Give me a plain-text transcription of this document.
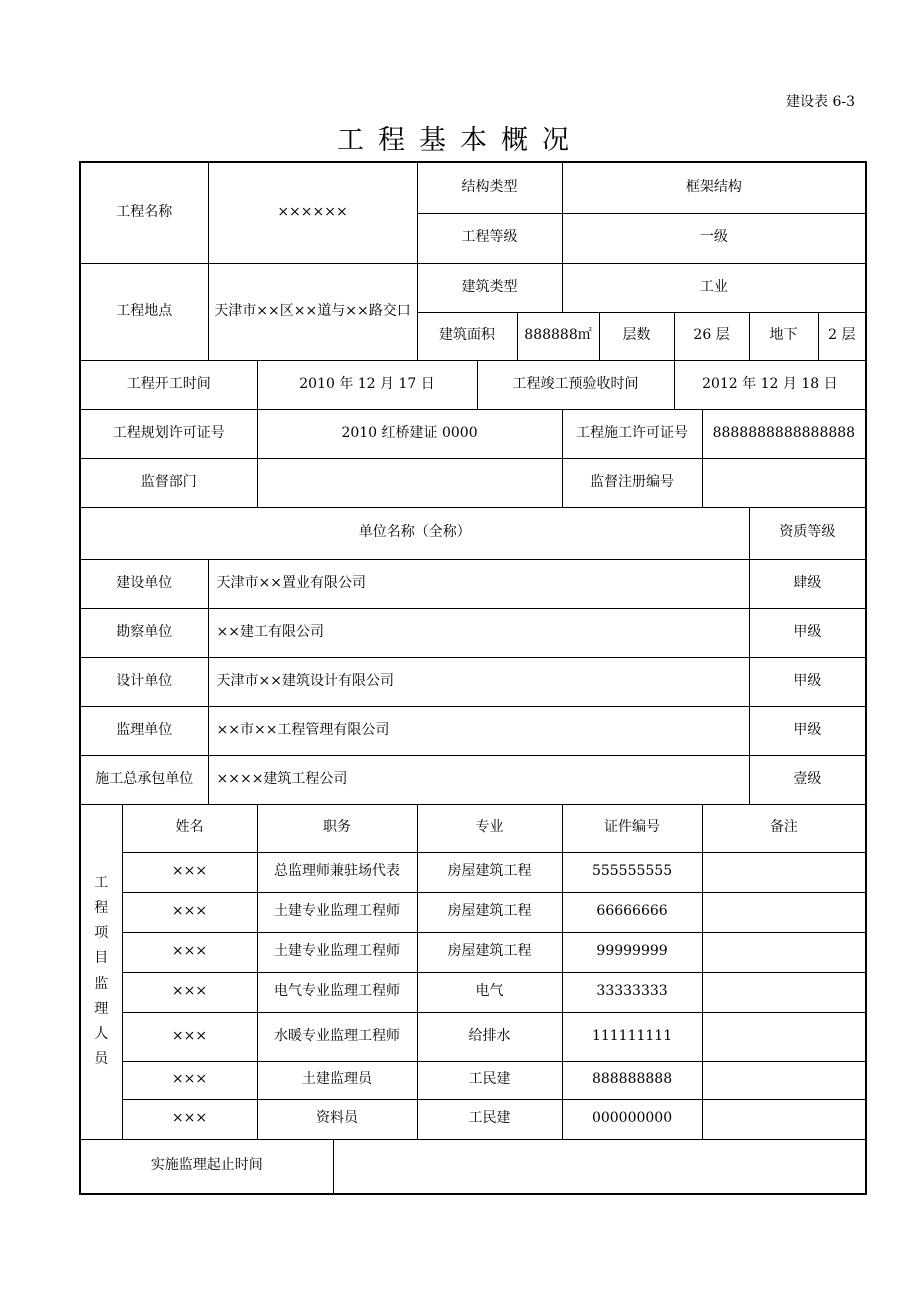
建设表 6-3
工程基本概况
工程名称		××××××			结构类型			框架结构					
					工程等级			一级					
工程地点		天津市××区××道与××路交口			建筑类型			工业					
					建筑面积		888888㎡		层数	26 层		地下	2 层
工程开工时间			2010 年 12 月 17 日			工程竣工预验收时间				2012 年 12 月 18 日			
工程规划许可证号			2010 红桥建证 0000					工程施工许可证号			8888888888888888		
监督部门								监督注册编号					
单位名称（全称）												资质等级	
建设单位		天津市××置业有限公司										肆级	
勘察单位		××建工有限公司										甲级	
设计单位		天津市××建筑设计有限公司										甲级	
监理单位		××市××工程管理有限公司										甲级	
施工总承包单位		××××建筑工程公司										壹级	

工程项目监理人员	姓名		职务		专业			证件编号			备注		
	×××		总监理师兼驻场代表		房屋建筑工程			555555555					
	×××		土建专业监理工程师		房屋建筑工程			66666666					
	×××		土建专业监理工程师		房屋建筑工程			99999999					
	×××		电气专业监理工程师		电气			33333333					
	×××		水暖专业监理工程师		给排水			111111111					
	×××		土建监理员		工民建			888888888					
	×××		资料员		工民建			000000000					
实施监理起止时间													
